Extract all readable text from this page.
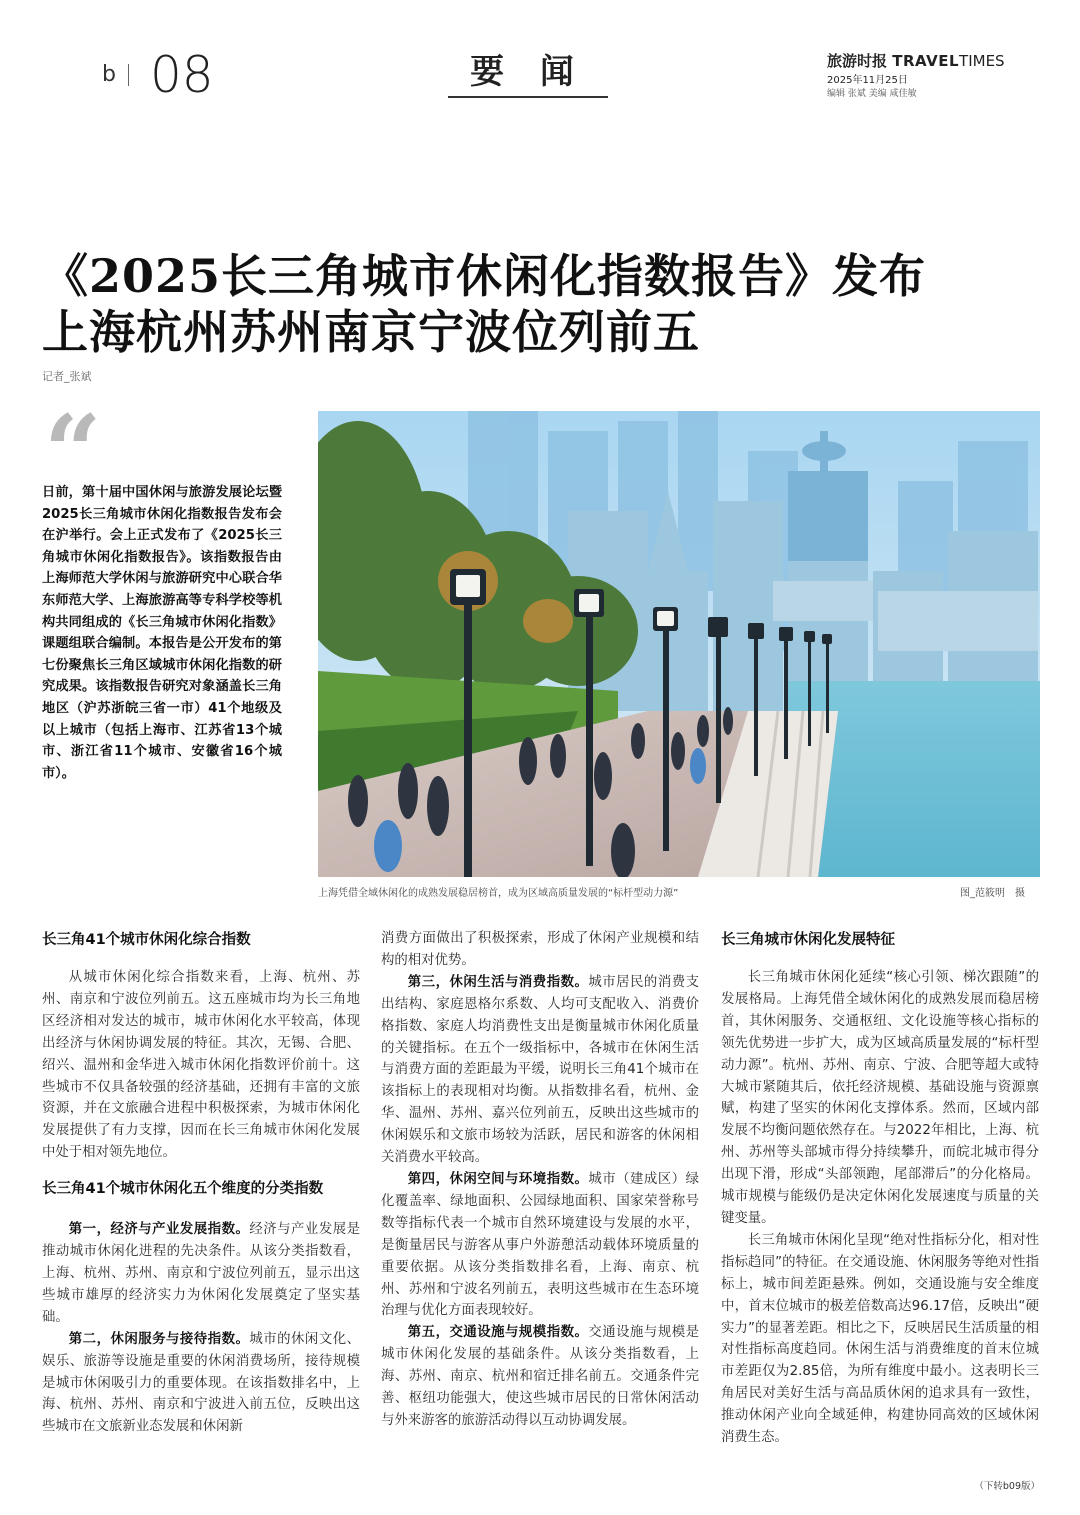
b 08	要 闻	旅游时报 TRAVELTIMES
2025年11月25日
编辑 张斌 美编 咸佳敏
《2025长三角城市休闲化指数报告》发布
上海杭州苏州南京宁波位列前五
记者_张斌
“
日前，第十届中国休闲与旅游发展论坛暨2025长三角城市休闲化指数报告发布会在沪举行。会上正式发布了《2025长三角城市休闲化指数报告》。该指数报告由上海师范大学休闲与旅游研究中心联合华东师范大学、上海旅游高等专科学校等机构共同组成的《长三角城市休闲化指数》课题组联合编制。本报告是公开发布的第七份聚焦长三角区域城市休闲化指数的研究成果。该指数报告研究对象涵盖长三角地区（沪苏浙皖三省一市）41个地级及以上城市（包括上海市、江苏省13个城市、浙江省11个城市、安徽省16个城市）。
上海凭借全域休闲化的成熟发展稳居榜首，成为区域高质量发展的“标杆型动力源”	图_范筱明　摄
长三角41个城市休闲化综合指数

从城市休闲化综合指数来看，上海、杭州、苏州、南京和宁波位列前五。这五座城市均为长三角地区经济相对发达的城市，城市休闲化水平较高，体现出经济与休闲协调发展的特征。其次，无锡、合肥、绍兴、温州和金华进入城市休闲化指数评价前十。这些城市不仅具备较强的经济基础，还拥有丰富的文旅资源，并在文旅融合进程中积极探索，为城市休闲化发展提供了有力支撑，因而在长三角城市休闲化发展中处于相对领先地位。

长三角41个城市休闲化五个维度的分类指数

第一，经济与产业发展指数。经济与产业发展是推动城市休闲化进程的先决条件。从该分类指数看，上海、杭州、苏州、南京和宁波位列前五，显示出这些城市雄厚的经济实力为休闲化发展奠定了坚实基础。

第二，休闲服务与接待指数。城市的休闲文化、娱乐、旅游等设施是重要的休闲消费场所，接待规模是城市休闲吸引力的重要体现。在该指数排名中，上海、杭州、苏州、南京和宁波进入前五位，反映出这些城市在文旅新业态发展和休闲新

消费方面做出了积极探索，形成了休闲产业规模和结构的相对优势。

第三，休闲生活与消费指数。城市居民的消费支出结构、家庭恩格尔系数、人均可支配收入、消费价格指数、家庭人均消费性支出是衡量城市休闲化质量的关键指标。在五个一级指标中，各城市在休闲生活与消费方面的差距最为平缓，说明长三角41个城市在该指标上的表现相对均衡。从指数排名看，杭州、金华、温州、苏州、嘉兴位列前五，反映出这些城市的休闲娱乐和文旅市场较为活跃，居民和游客的休闲相关消费水平较高。

第四，休闲空间与环境指数。城市（建成区）绿化覆盖率、绿地面积、公园绿地面积、国家荣誉称号数等指标代表一个城市自然环境建设与发展的水平，是衡量居民与游客从事户外游憩活动载体环境质量的重要依据。从该分类指数排名看，上海、南京、杭州、苏州和宁波名列前五，表明这些城市在生态环境治理与优化方面表现较好。

第五，交通设施与规模指数。交通设施与规模是城市休闲化发展的基础条件。从该分类指数看，上海、苏州、南京、杭州和宿迁排名前五。交通条件完善、枢纽功能强大，使这些城市居民的日常休闲活动与外来游客的旅游活动得以互动协调发展。

长三角城市休闲化发展特征

长三角城市休闲化延续“核心引领、梯次跟随”的发展格局。上海凭借全域休闲化的成熟发展而稳居榜首，其休闲服务、交通枢纽、文化设施等核心指标的领先优势进一步扩大，成为区域高质量发展的“标杆型动力源”。杭州、苏州、南京、宁波、合肥等超大或特大城市紧随其后，依托经济规模、基础设施与资源禀赋，构建了坚实的休闲化支撑体系。然而，区域内部发展不均衡问题依然存在。与2022年相比，上海、杭州、苏州等头部城市得分持续攀升，而皖北城市得分出现下滑，形成“头部领跑，尾部滞后”的分化格局。城市规模与能级仍是决定休闲化发展速度与质量的关键变量。

长三角城市休闲化呈现“绝对性指标分化，相对性指标趋同”的特征。在交通设施、休闲服务等绝对性指标上，城市间差距悬殊。例如，交通设施与安全维度中，首末位城市的极差倍数高达96.17倍，反映出“硬实力”的显著差距。相比之下，反映居民生活质量的相对性指标高度趋同。休闲生活与消费维度的首末位城市差距仅为2.85倍，为所有维度中最小。这表明长三角居民对美好生活与高品质休闲的追求具有一致性，推动休闲产业向全域延伸，构建协同高效的区域休闲消费生态。

（下转b09版）
